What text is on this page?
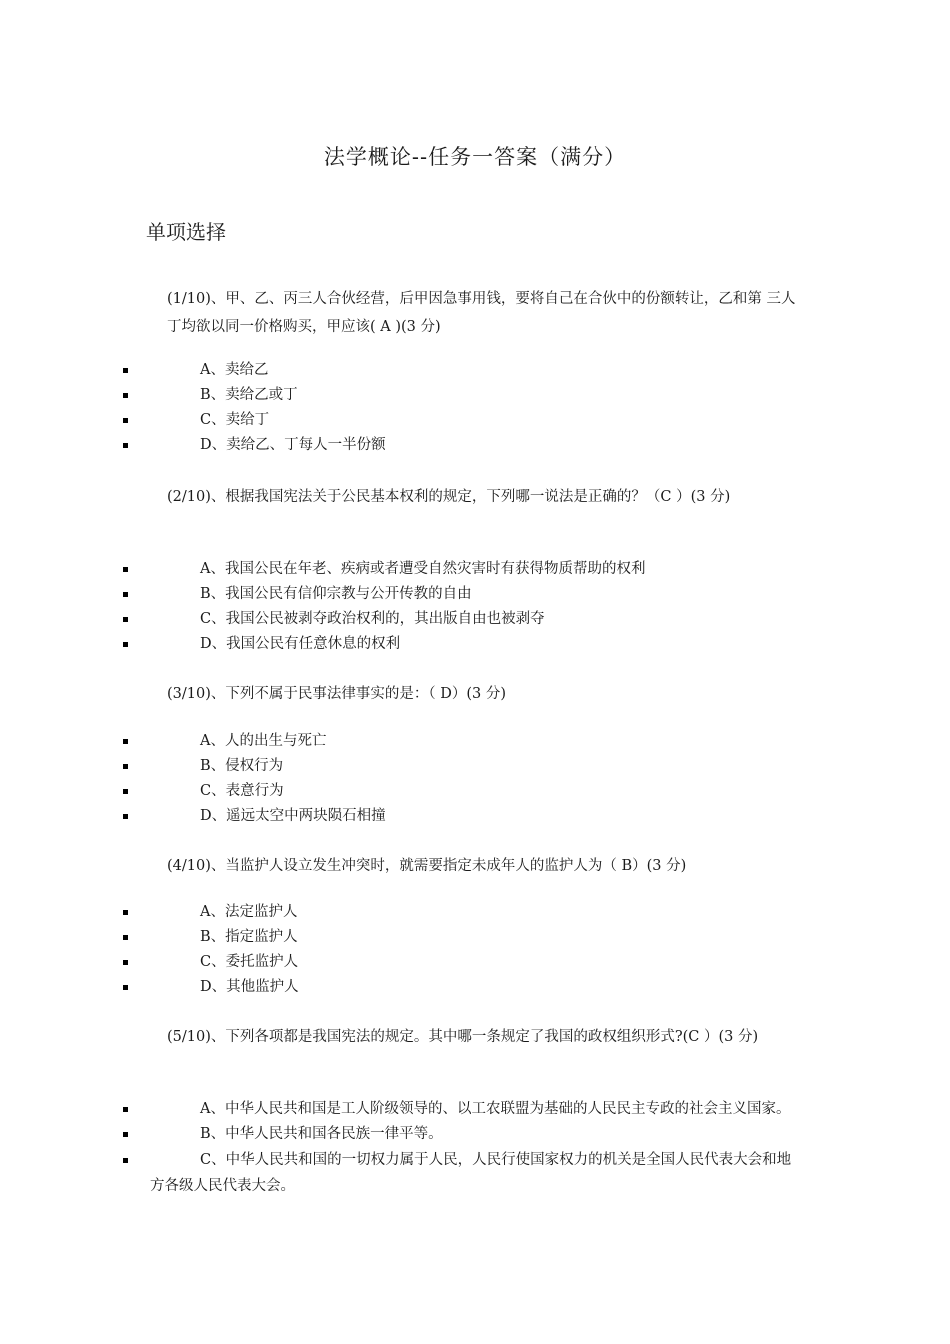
法学概论--任务一答案（满分）
单项选择

(1/10)、甲、乙、丙三人合伙经营，后甲因急事用钱，要将自己在合伙中的份额转让，乙和第 三人丁均欲以同一价格购买，甲应该( A )(3 分)

A、卖给乙
B、卖给乙或丁
C、卖给丁
D、卖给乙、丁每人一半份额

(2/10)、根据我国宪法关于公民基本权利的规定，下列哪一说法是正确的？（C ）(3 分)

A、我国公民在年老、疾病或者遭受自然灾害时有获得物质帮助的权利
B、我国公民有信仰宗教与公开传教的自由
C、我国公民被剥夺政治权利的，其出版自由也被剥夺
D、我国公民有任意休息的权利

(3/10)、下列不属于民事法律事实的是：（ D）(3 分)

A、人的出生与死亡
B、侵权行为
C、表意行为
D、遥远太空中两块陨石相撞

(4/10)、当监护人设立发生冲突时，就需要指定未成年人的监护人为（ B）(3 分)

A、法定监护人
B、指定监护人
C、委托监护人
D、其他监护人

(5/10)、下列各项都是我国宪法的规定。其中哪一条规定了我国的政权组织形式?(C ）(3 分)

A、中华人民共和国是工人阶级领导的、以工农联盟为基础的人民民主专政的社会主义国家。
B、中华人民共和国各民族一律平等。
C、中华人民共和国的一切权力属于人民，人民行使国家权力的机关是全国人民代表大会和地方各级人民代表大会。
